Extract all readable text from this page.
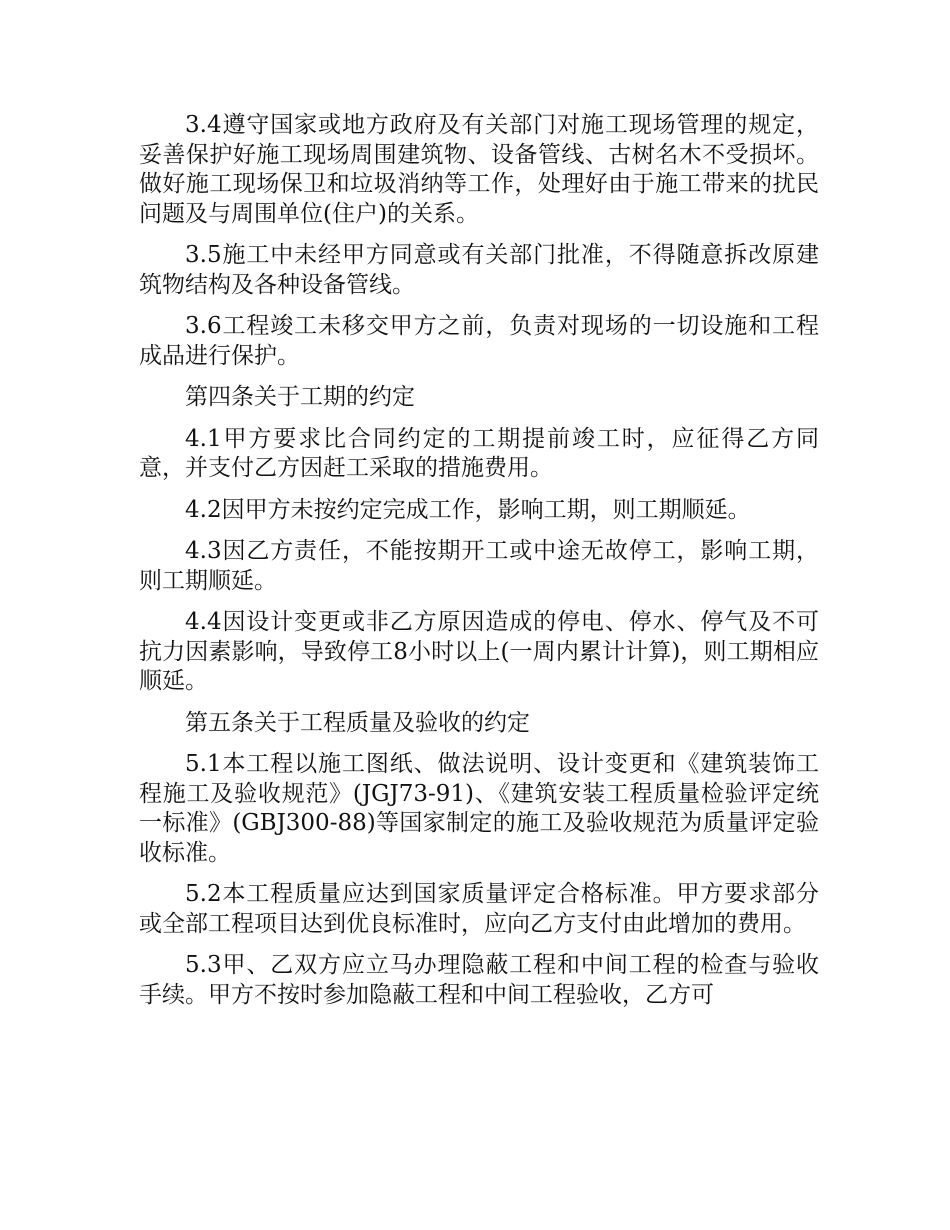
3.4遵守国家或地方政府及有关部门对施工现场管理的规定，妥善保护好施工现场周围建筑物、设备管线、古树名木不受损坏。做好施工现场保卫和垃圾消纳等工作，处理好由于施工带来的扰民问题及与周围单位(住户)的关系。

3.5施工中未经甲方同意或有关部门批准，不得随意拆改原建筑物结构及各种设备管线。

3.6工程竣工未移交甲方之前，负责对现场的一切设施和工程成品进行保护。

第四条关于工期的约定

4.1甲方要求比合同约定的工期提前竣工时，应征得乙方同意，并支付乙方因赶工采取的措施费用。

4.2因甲方未按约定完成工作，影响工期，则工期顺延。

4.3因乙方责任，不能按期开工或中途无故停工，影响工期，则工期顺延。

4.4因设计变更或非乙方原因造成的停电、停水、停气及不可抗力因素影响，导致停工8小时以上(一周内累计计算)，则工期相应顺延。

第五条关于工程质量及验收的约定

5.1本工程以施工图纸、做法说明、设计变更和《建筑装饰工程施工及验收规范》(JGJ73-91)、《建筑安装工程质量检验评定统一标准》(GBJ300-88)等国家制定的施工及验收规范为质量评定验收标准。

5.2本工程质量应达到国家质量评定合格标准。甲方要求部分或全部工程项目达到优良标准时，应向乙方支付由此增加的费用。

5.3甲、乙双方应立马办理隐蔽工程和中间工程的检查与验收手续。甲方不按时参加隐蔽工程和中间工程验收，乙方可
